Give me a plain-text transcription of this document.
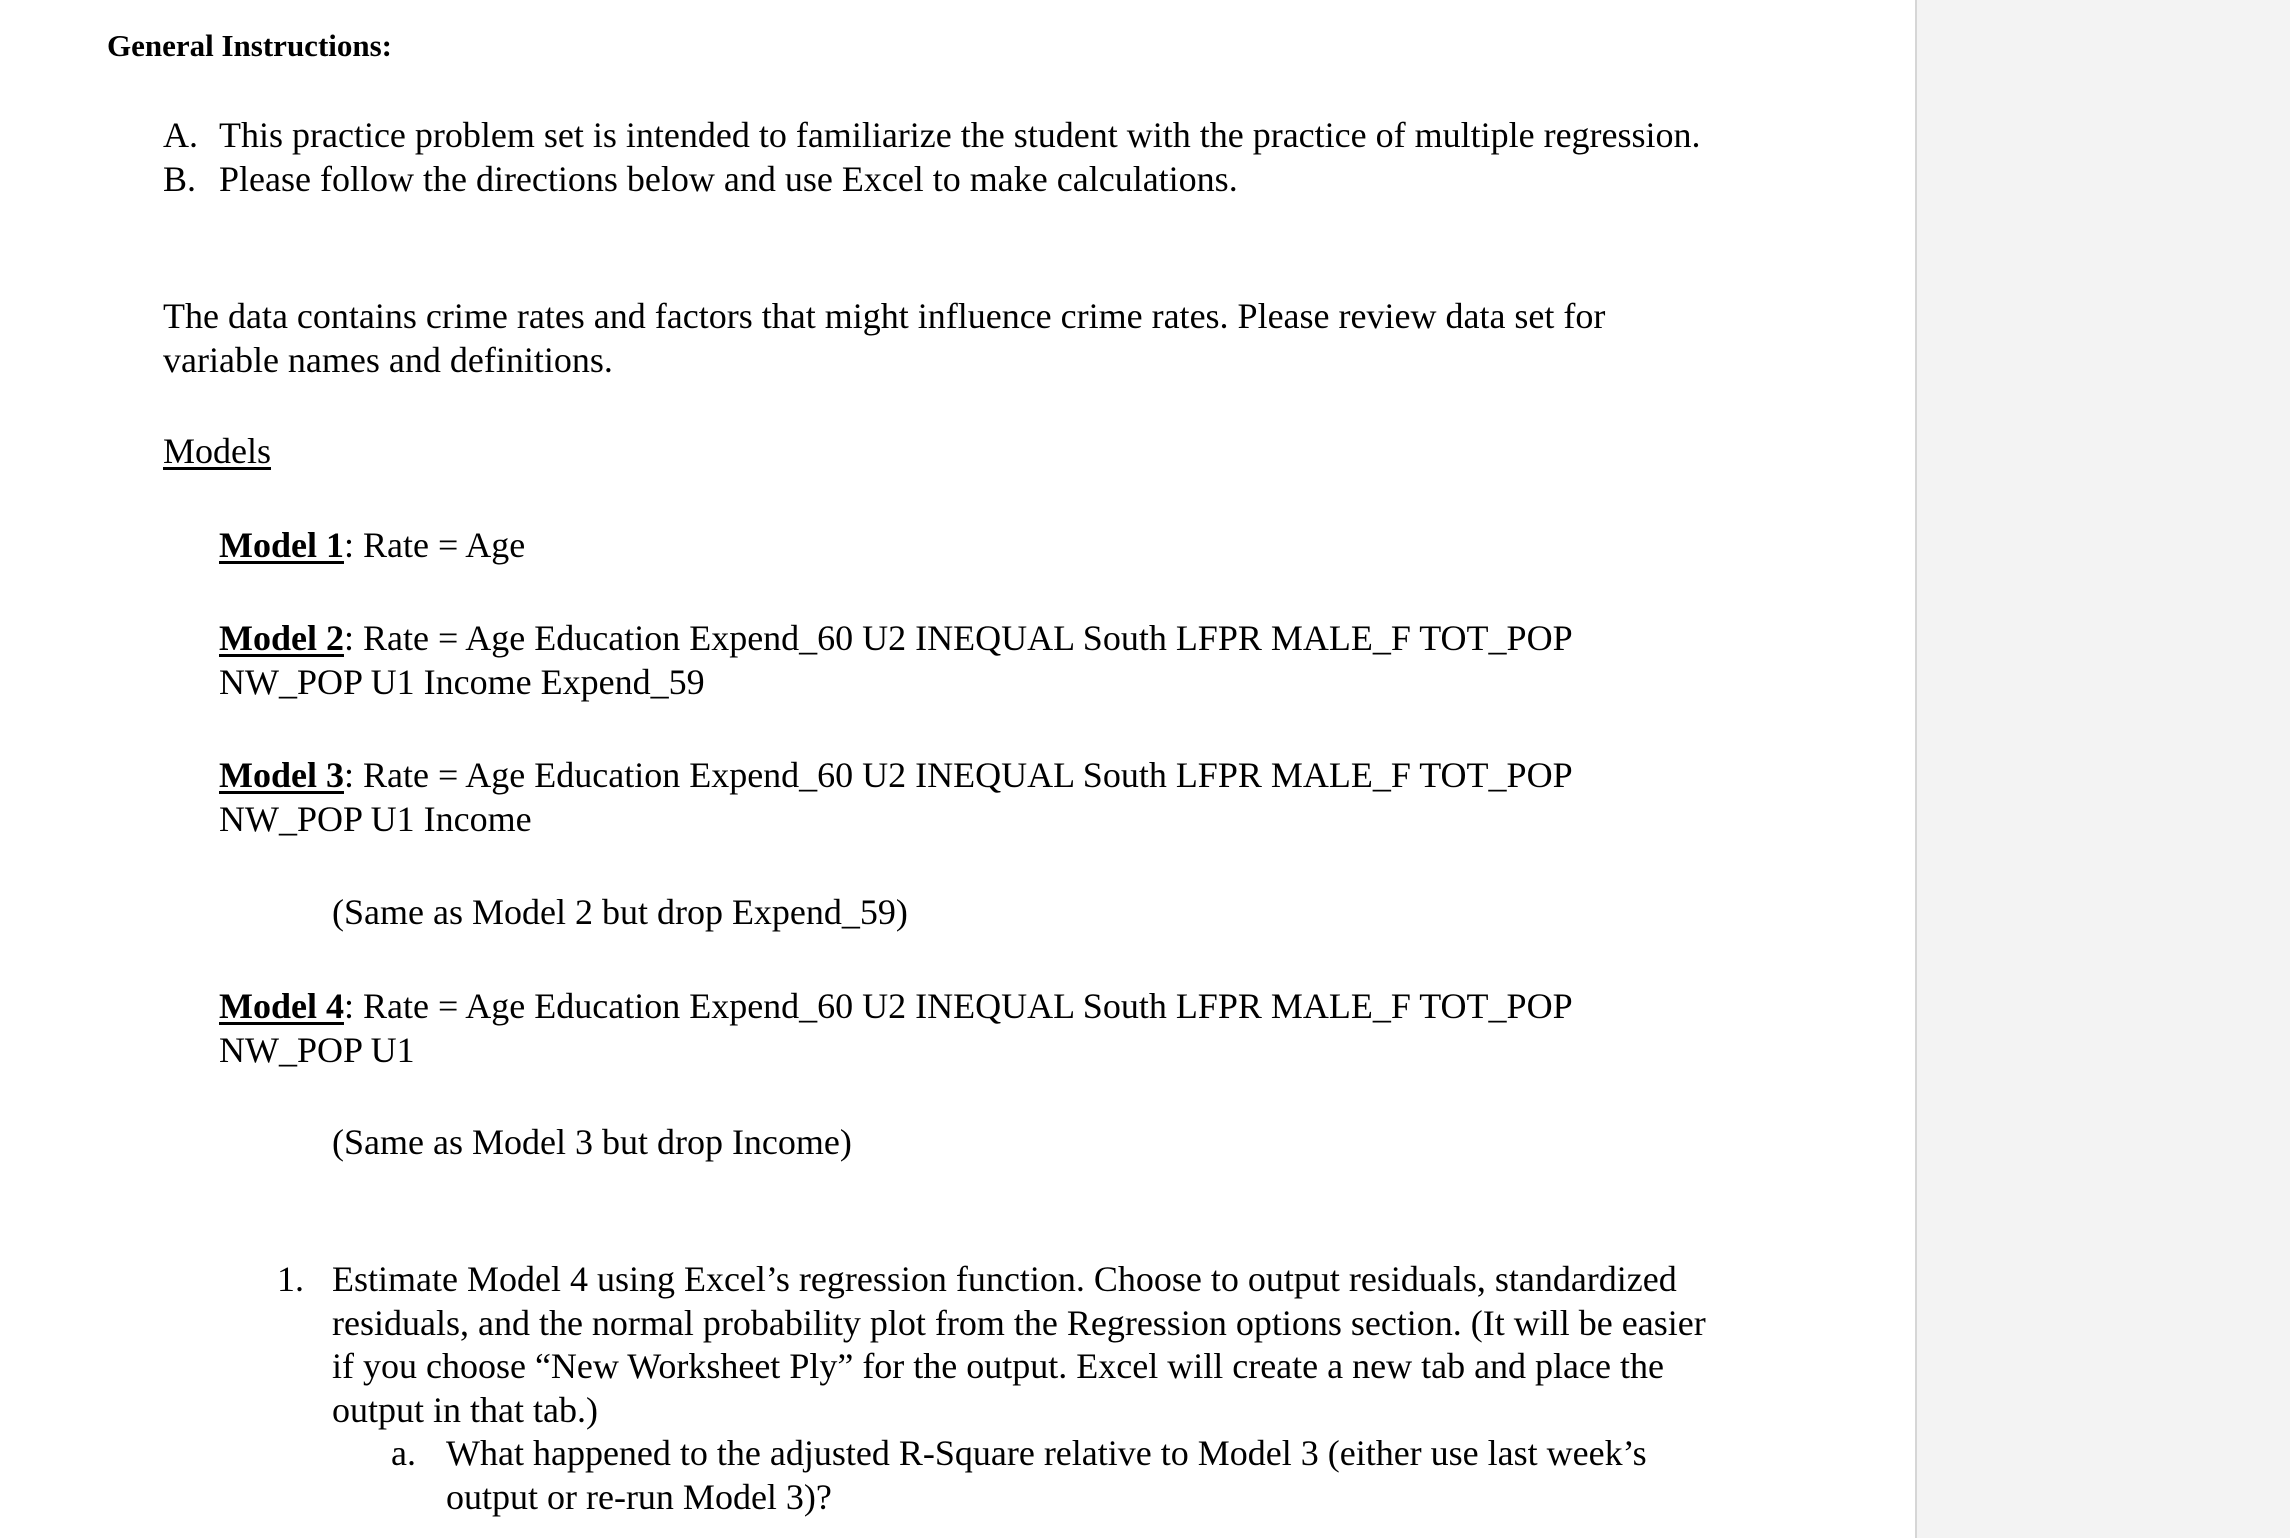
General Instructions:
A. This practice problem set is intended to familiarize the student with the practice of multiple regression.
B. Please follow the directions below and use Excel to make calculations.
The data contains crime rates and factors that might influence crime rates. Please review data set for
variable names and definitions.
Models
Model 1: Rate = Age
Model 2: Rate = Age Education Expend_60 U2 INEQUAL South LFPR MALE_F TOT_POP
NW_POP U1 Income Expend_59
Model 3: Rate = Age Education Expend_60 U2 INEQUAL South LFPR MALE_F TOT_POP
NW_POP U1 Income
(Same as Model 2 but drop Expend_59)
Model 4: Rate = Age Education Expend_60 U2 INEQUAL South LFPR MALE_F TOT_POP
NW_POP U1
(Same as Model 3 but drop Income)
1. Estimate Model 4 using Excel’s regression function. Choose to output residuals, standardized
residuals, and the normal probability plot from the Regression options section. (It will be easier
if you choose “New Worksheet Ply” for the output. Excel will create a new tab and place the
output in that tab.)
a. What happened to the adjusted R-Square relative to Model 3 (either use last week’s
output or re-run Model 3)?
